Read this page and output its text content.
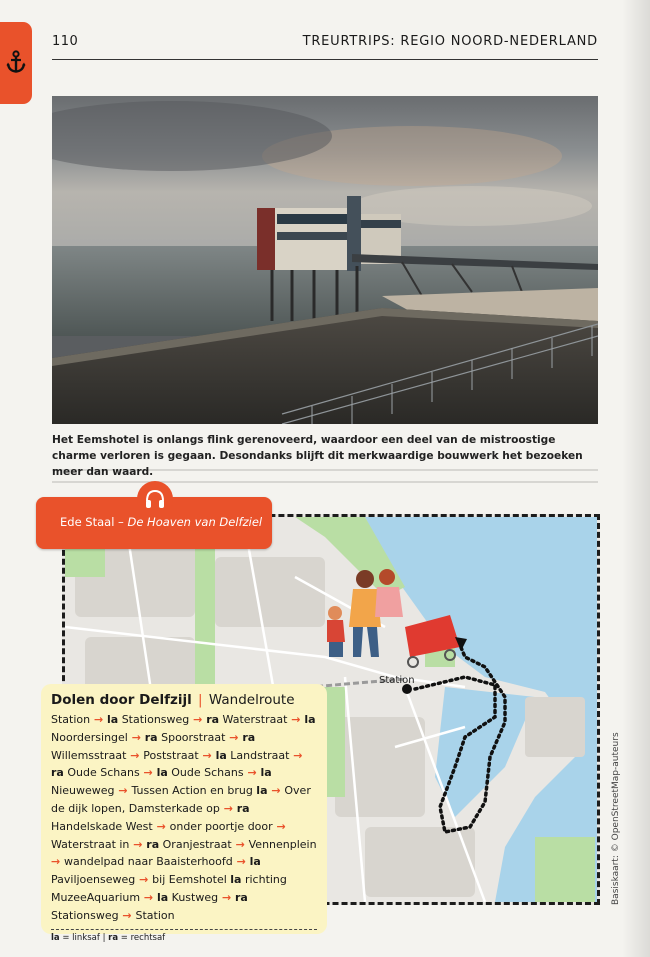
110	TREURTRIPS: REGIO NOORD-NEDERLAND
Het Eemshotel is onlangs flink gerenoveerd, waardoor een deel van de mistroostige charme verloren is gegaan. Desondanks blijft dit merkwaardige bouwwerk het bezoeken meer dan waard.
Station
Ede Staal – De Hoaven van Delfziel
Dolen door Delfzijl | Wandelroute
Station → la Stationsweg → ra Waterstraat → la Noordersingel → ra Spoorstraat → ra Willemsstraat → Poststraat → la Landstraat → ra Oude Schans → la Oude Schans → la Nieuweweg → Tussen Action en brug la → Over de dijk lopen, Damsterkade op → ra Handelskade West → onder poortje door → Waterstraat in → ra Oranjestraat → Vennenplein → wandelpad naar Baaisterhoofd → la Paviljoenseweg → bij Eemshotel la richting MuzeeAquarium → la Kustweg → ra Stationsweg → Station
la = linksaf | ra = rechtsaf
Basiskaart: © OpenStreetMap-auteurs
